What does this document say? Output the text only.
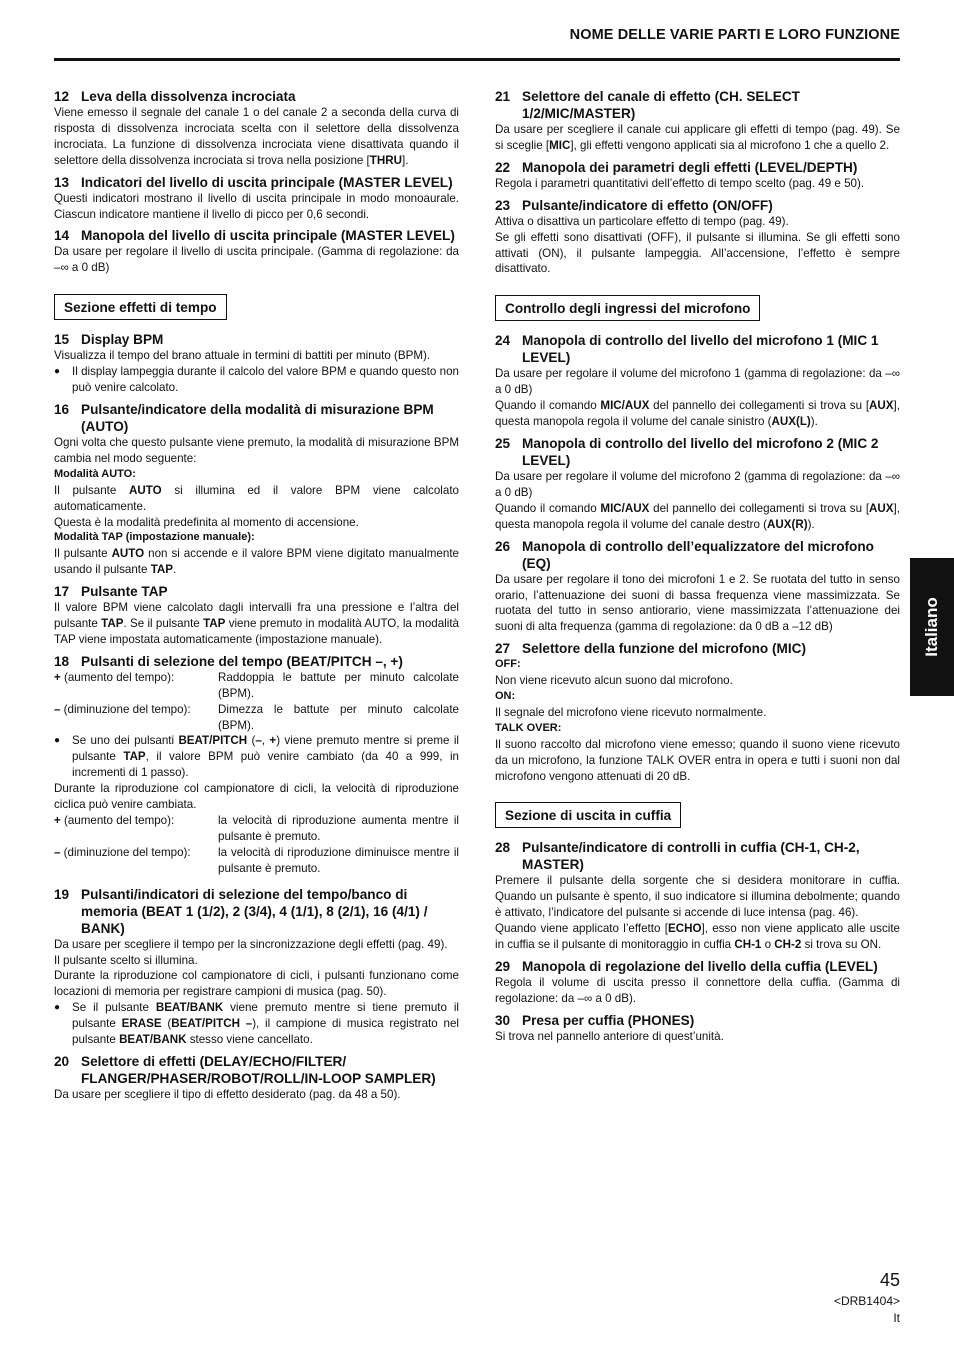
NOME DELLE VARIE PARTI E LORO FUNZIONE
Italiano
12 Leva della dissolvenza incrociata

Viene emesso il segnale del canale 1 o del canale 2 a seconda della curva di risposta di dissolvenza incrociata scelta con il selettore della dissolvenza incrociata. La funzione di dissolvenza incrociata viene disattivata quando il selettore della dissolvenza incrociata si trova nella posizione [THRU].

13 Indicatori del livello di uscita principale (MASTER LEVEL)

Questi indicatori mostrano il livello di uscita principale in modo monoaurale. Ciascun indicatore mantiene il livello di picco per 0,6 secondi.

14 Manopola del livello di uscita principale (MASTER LEVEL)

Da usare per regolare il livello di uscita principale. (Gamma di regolazione: da –∞ a 0 dB)

Sezione effetti di tempo
15 Display BPM

Visualizza il tempo del brano attuale in termini di battiti per minuto (BPM).

● Il display lampeggia durante il calcolo del valore BPM e quando questo non può venire calcolato.

16 Pulsante/indicatore della modalità di misurazione BPM (AUTO)

Ogni volta che questo pulsante viene premuto, la modalità di misurazione BPM cambia nel modo seguente:

Modalità AUTO:

Il pulsante AUTO si illumina ed il valore BPM viene calcolato automaticamente.

Questa è la modalità predefinita al momento di accensione.

Modalità TAP (impostazione manuale):

Il pulsante AUTO non si accende e il valore BPM viene digitato manualmente usando il pulsante TAP.

17 Pulsante TAP

Il valore BPM viene calcolato dagli intervalli fra una pressione e l’altra del pulsante TAP. Se il pulsante TAP viene premuto in modalità AUTO, la modalità TAP viene impostata automaticamente (impostazione manuale).

18 Pulsanti di selezione del tempo (BEAT/PITCH –, +)
+ (aumento del tempo):	Raddoppia le battute per minuto calcolate (BPM).
– (diminuzione del tempo):	Dimezza le battute per minuto calcolate (BPM).

● Se uno dei pulsanti BEAT/PITCH (–, +) viene premuto mentre si preme il pulsante TAP, il valore BPM può venire cambiato (da 40 a 999, in incrementi di 1 passo).

Durante la riproduzione col campionatore di cicli, la velocità di riproduzione ciclica può venire cambiata.

+ (aumento del tempo):	la velocità di riproduzione aumenta mentre il pulsante è premuto.
– (diminuzione del tempo):	la velocità di riproduzione diminuisce mentre il pulsante è premuto.
19 Pulsanti/indicatori di selezione del tempo/banco di memoria (BEAT 1 (1/2), 2 (3/4), 4 (1/1), 8 (2/1), 16 (4/1) / BANK)

Da usare per scegliere il tempo per la sincronizzazione degli effetti (pag. 49).

Il pulsante scelto si illumina.

Durante la riproduzione col campionatore di cicli, i pulsanti funzionano come locazioni di memoria per registrare campioni di musica (pag. 50).

● Se il pulsante BEAT/BANK viene premuto mentre si tiene premuto il pulsante ERASE (BEAT/PITCH –), il campione di musica registrato nel pulsante BEAT/BANK stesso viene cancellato.

20 Selettore di effetti (DELAY/ECHO/FILTER/ FLANGER/PHASER/ROBOT/ROLL/IN-LOOP SAMPLER)

Da usare per scegliere il tipo di effetto desiderato (pag. da 48 a 50).

21 Selettore del canale di effetto (CH. SELECT 1/2/MIC/MASTER)

Da usare per scegliere il canale cui applicare gli effetti di tempo (pag. 49). Se si sceglie [MIC], gli effetti vengono applicati sia al microfono 1 che a quello 2.

22 Manopola dei parametri degli effetti (LEVEL/DEPTH)

Regola i parametri quantitativi dell’effetto di tempo scelto (pag. 49 e 50).

23 Pulsante/indicatore di effetto (ON/OFF)

Attiva o disattiva un particolare effetto di tempo (pag. 49).

Se gli effetti sono disattivati (OFF), il pulsante si illumina. Se gli effetti sono attivati (ON), il pulsante lampeggia. All’accensione, l’effetto è sempre disattivato.

Controllo degli ingressi del microfono
24 Manopola di controllo del livello del microfono 1 (MIC 1 LEVEL)

Da usare per regolare il volume del microfono 1 (gamma di regolazione: da –∞ a 0 dB)

Quando il comando MIC/AUX del pannello dei collegamenti si trova su [AUX], questa manopola regola il volume del canale sinistro (AUX(L)).

25 Manopola di controllo del livello del microfono 2 (MIC 2 LEVEL)

Da usare per regolare il volume del microfono 2 (gamma di regolazione: da –∞ a 0 dB)

Quando il comando MIC/AUX del pannello dei collegamenti si trova su [AUX], questa manopola regola il volume del canale destro (AUX(R)).

26 Manopola di controllo dell’equalizzatore del microfono (EQ)

Da usare per regolare il tono dei microfoni 1 e 2. Se ruotata del tutto in senso orario, l’attenuazione dei suoni di bassa frequenza viene massimizzata. Se ruotata del tutto in senso antiorario, viene massimizzata l’attenuazione dei suoni di alta frequenza (gamma di regolazione: da 0 dB a –12 dB)

27 Selettore della funzione del microfono (MIC)

OFF:

Non viene ricevuto alcun suono dal microfono.

ON:

Il segnale del microfono viene ricevuto normalmente.

TALK OVER:

Il suono raccolto dal microfono viene emesso; quando il suono viene ricevuto da un microfono, la funzione TALK OVER entra in opera e tutti i suoni non dal microfono vengono attenuati di 20 dB.

Sezione di uscita in cuffia
28 Pulsante/indicatore di controlli in cuffia (CH-1, CH-2, MASTER)

Premere il pulsante della sorgente che si desidera monitorare in cuffia. Quando un pulsante è spento, il suo indicatore si illumina debolmente; quando è attivato, l’indicatore del pulsante si accende di luce intensa (pag. 46).

Quando viene applicato l’effetto [ECHO], esso non viene applicato alle uscite in cuffia se il pulsante di monitoraggio in cuffia CH-1 o CH-2 si trova su ON.

29 Manopola di regolazione del livello della cuffia (LEVEL)

Regola il volume di uscita presso il connettore della cuffia. (Gamma di regolazione: da –∞ a 0 dB).

30 Presa per cuffia (PHONES)

Si trova nel pannello anteriore di quest’unità.

45
<DRB1404>
It
